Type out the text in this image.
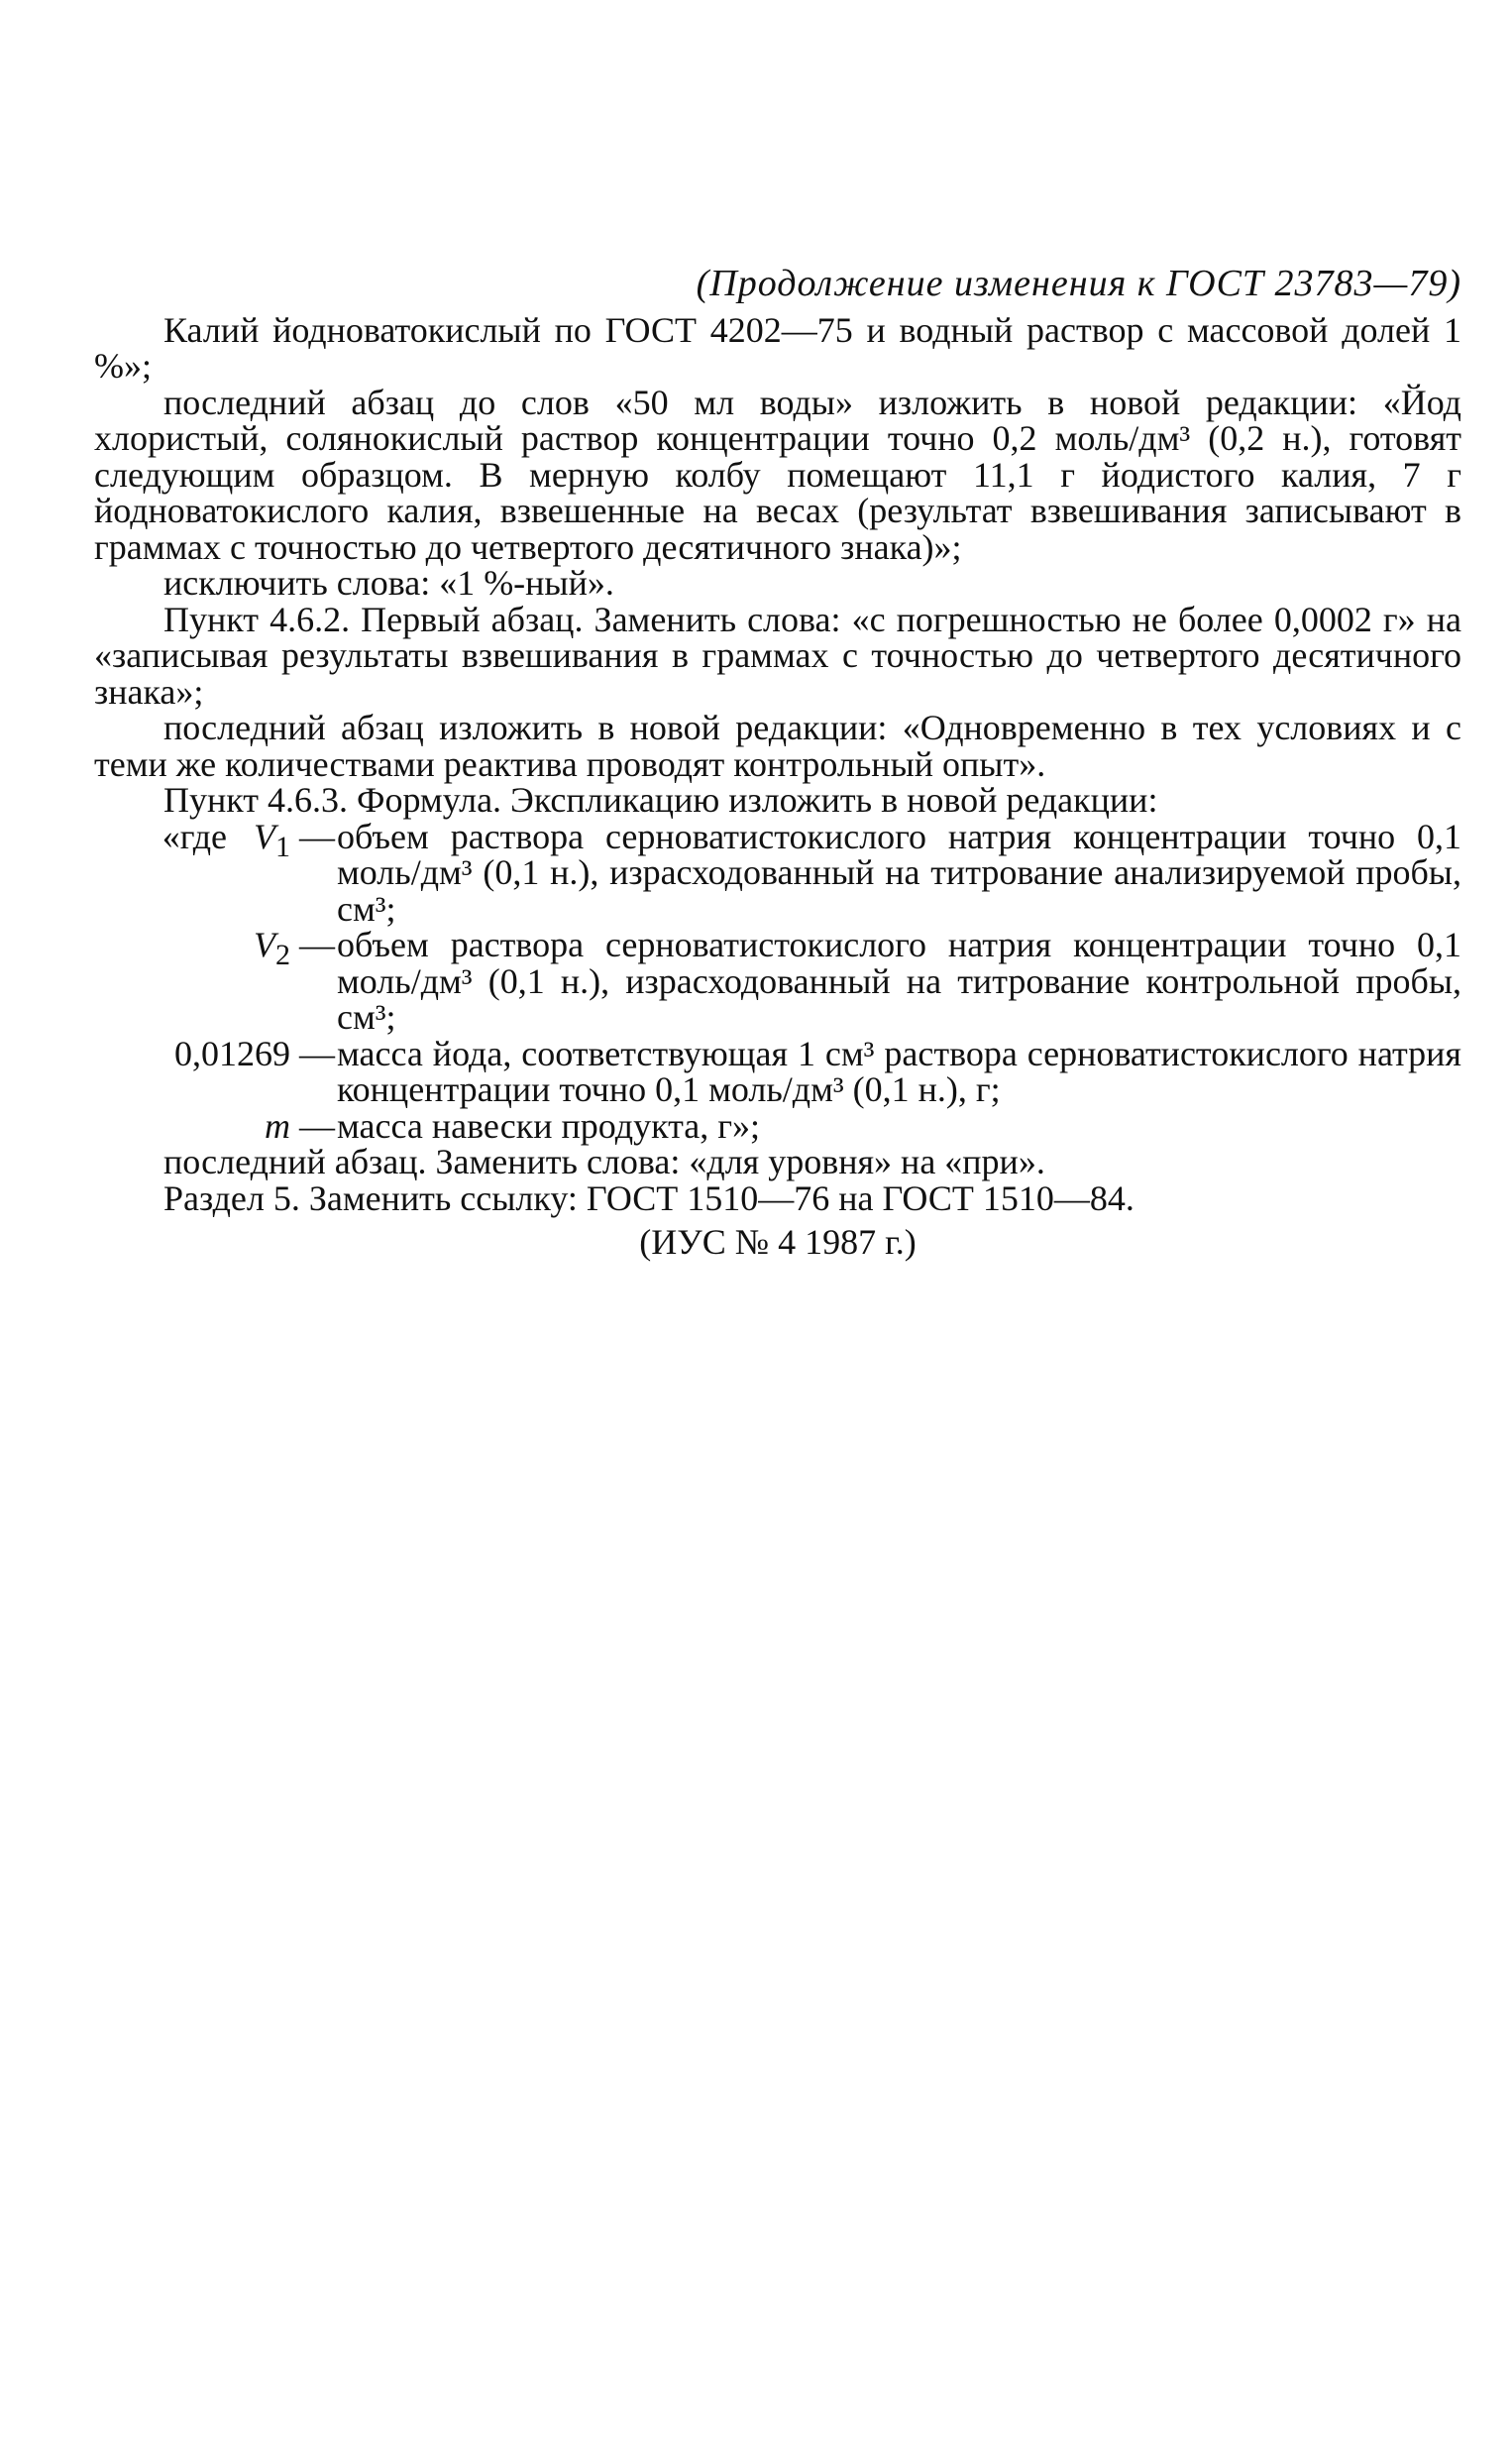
(Продолжение изменения к ГОСТ 23783—79)

Калий йодноватокислый по ГОСТ 4202—75 и водный раствор с массовой долей 1 %»;

последний абзац до слов «50 мл воды» изложить в новой редакции: «Йод хлористый, солянокислый раствор концентрации точно 0,2 моль/дм³ (0,2 н.), готовят следующим образцом. В мерную колбу помещают 11,1 г йодистого калия, 7 г йодноватокислого калия, взвешенные на весах (результат взвешивания записывают в граммах с точностью до четвертого десятичного знака)»;

исключить слова: «1 %-ный».

Пункт 4.6.2. Первый абзац. Заменить слова: «с погрешностью не более 0,0002 г» на «записывая результаты взвешивания в граммах с точностью до четвертого десятичного знака»;

последний абзац изложить в новой редакции: «Одновременно в тех условиях и с теми же количествами реактива проводят контрольный опыт».

Пункт 4.6.3. Формула. Экспликацию изложить в новой редакции:

«где $V_1$ — объем раствора серноватистокислого натрия концентрации точно 0,1 моль/дм³ (0,1 н.), израсходованный на титрование анализируемой пробы, см³;
$V_2$ — объем раствора серноватистокислого натрия концентрации точно 0,1 моль/дм³ (0,1 н.), израсходованный на титрование контрольной пробы, см³;
0,01269 — масса йода, соответствующая 1 см³ раствора серноватистокислого натрия концентрации точно 0,1 моль/дм³ (0,1 н.), г;
m — масса навески продукта, г»;

последний абзац. Заменить слова: «для уровня» на «при».

Раздел 5. Заменить ссылку: ГОСТ 1510—76 на ГОСТ 1510—84.

(ИУС № 4 1987 г.)
